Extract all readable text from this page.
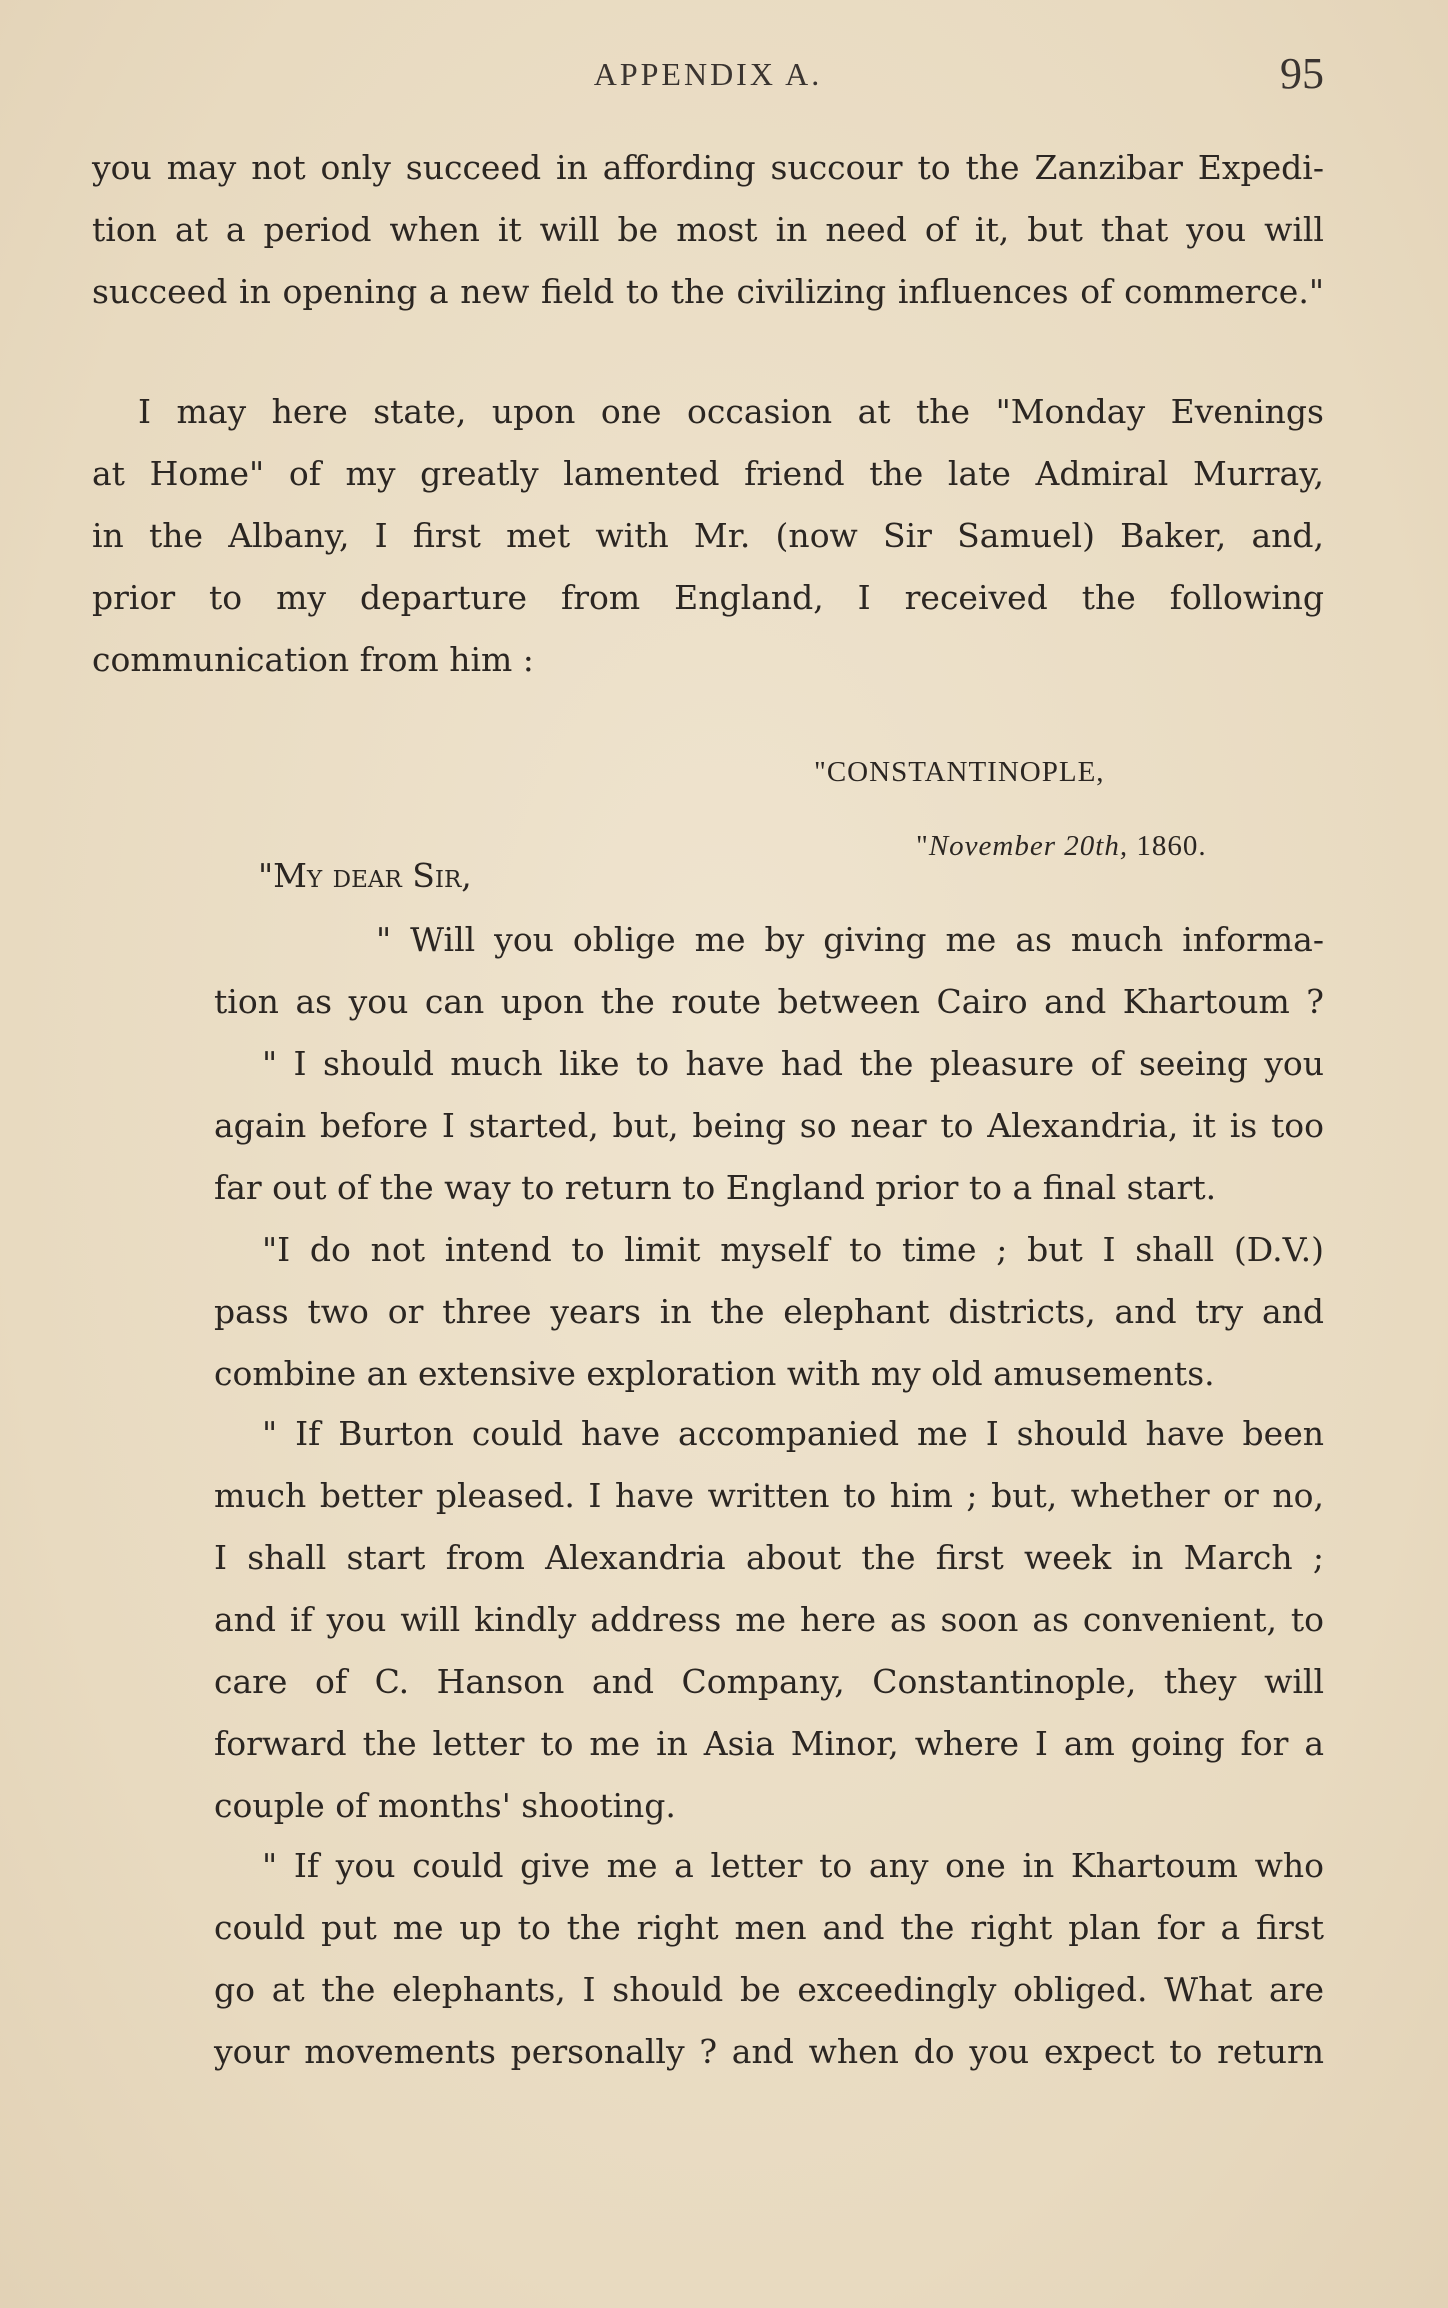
APPENDIX A.	95
you may not only succeed in affording succour to the Zanzibar Expedi-
tion at a period when it will be most in need of it, but that you will
succeed in opening a new field to the civilizing influences of commerce."
I may here state, upon one occasion at the "Monday Evenings
at Home" of my greatly lamented friend the late Admiral Murray,
in the Albany, I first met with Mr. (now Sir Samuel) Baker, and,
prior to my departure from England, I received the following
communication from him :
"CONSTANTINOPLE,
"November 20th, 1860.
"My dear Sir,
" Will you oblige me by giving me as much informa-
tion as you can upon the route between Cairo and Khartoum ?
" I should much like to have had the pleasure of seeing you
again before I started, but, being so near to Alexandria, it is too
far out of the way to return to England prior to a final start.
"I do not intend to limit myself to time ; but I shall (D.V.)
pass two or three years in the elephant districts, and try and
combine an extensive exploration with my old amusements.
" If Burton could have accompanied me I should have been
much better pleased. I have written to him ; but, whether or no,
I shall start from Alexandria about the first week in March ;
and if you will kindly address me here as soon as convenient, to
care of C. Hanson and Company, Constantinople, they will
forward the letter to me in Asia Minor, where I am going for a
couple of months' shooting.
" If you could give me a letter to any one in Khartoum who
could put me up to the right men and the right plan for a first
go at the elephants, I should be exceedingly obliged. What are
your movements personally ? and when do you expect to return
